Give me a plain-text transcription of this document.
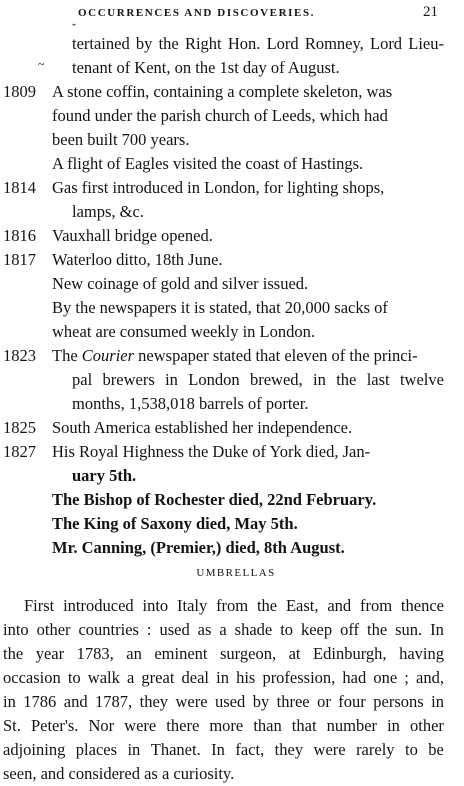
OCCURRENCES AND DISCOVERIES.	21
ˇ
~
tertained by the Right Hon. Lord Romney, Lord Lieu-
tenant of Kent, on the 1st day of August.
1809 A stone coffin, containing a complete skeleton, was
found under the parish church of Leeds, which had
been built 700 years.
A flight of Eagles visited the coast of Hastings.
1814 Gas first introduced in London, for lighting shops,
lamps, &c.
1816 Vauxhall bridge opened.
1817 Waterloo ditto, 18th June.
New coinage of gold and silver issued.
By the newspapers it is stated, that 20,000 sacks of
wheat are consumed weekly in London.
1823 The Courier newspaper stated that eleven of the princi-
pal brewers in London brewed, in the last twelve
months, 1,538,018 barrels of porter.
1825 South America established her independence.
1827 His Royal Highness the Duke of York died, Jan-
uary 5th.
The Bishop of Rochester died, 22nd February.
The King of Saxony died, May 5th.
Mr. Canning, (Premier,) died, 8th August.
UMBRELLAS
First introduced into Italy from the East, and from thence
into other countries : used as a shade to keep off the sun. In
the year 1783, an eminent surgeon, at Edinburgh, having
occasion to walk a great deal in his profession, had one ; and,
in 1786 and 1787, they were used by three or four persons in
St. Peter's. Nor were there more than that number in other
adjoining places in Thanet. In fact, they were rarely to be
seen, and considered as a curiosity.
